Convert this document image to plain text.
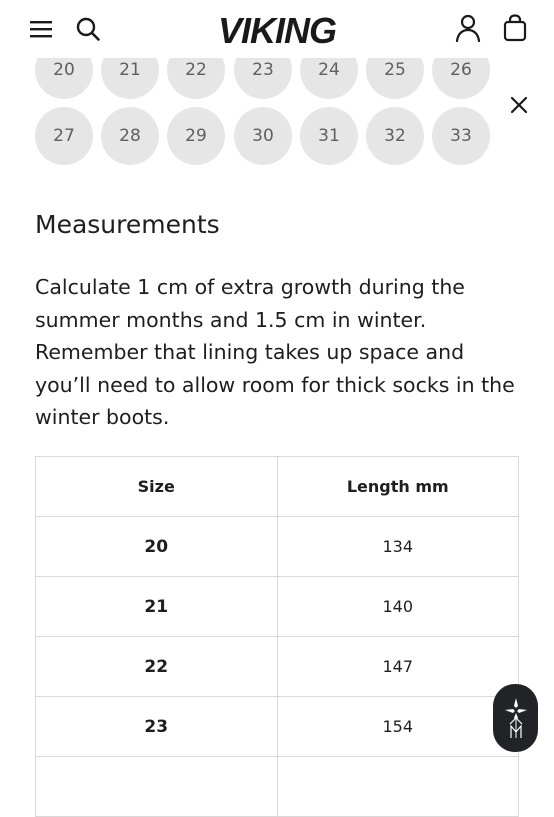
VIKING
20	21	22	23	24	25	26
27	28	29	30	31	32	33
Measurements

Calculate 1 cm of extra growth during the summer months and 1.5 cm in winter. Remember that lining takes up space and you’ll need to allow room for thick socks in the winter boots.

Size	Length mm
20	134
21	140
22	147
23	154
